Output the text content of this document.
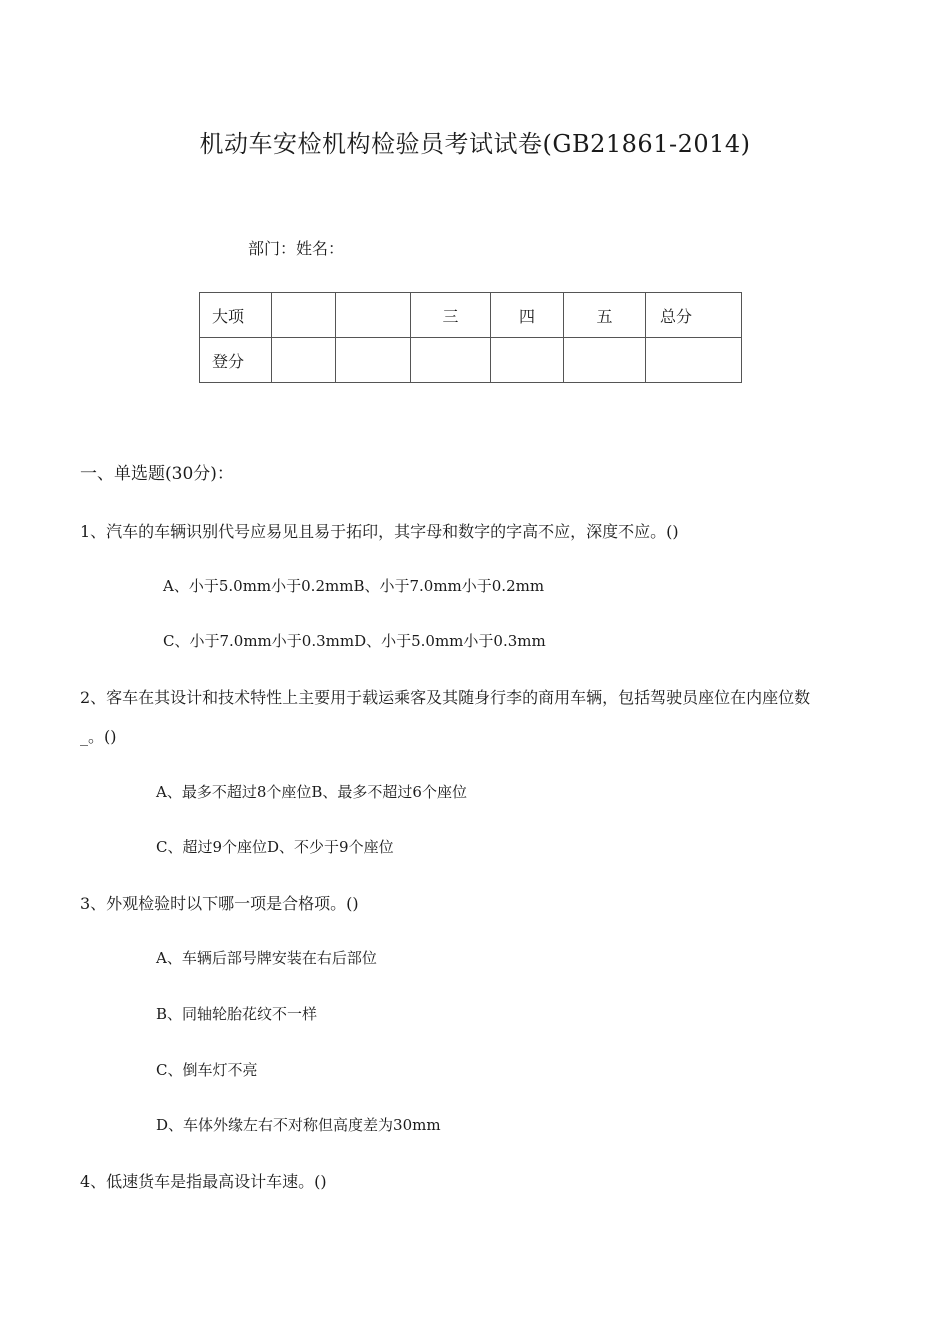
机动车安检机构检验员考试试卷(GB21861-2014)
部门：姓名：
大项			三	四	五	总分
登分						
一、单选题(30分)：
1、汽车的车辆识别代号应易见且易于拓印，其字母和数字的字高不应，深度不应。()
A、小于5.0mm小于0.2mmB、小于7.0mm小于0.2mm
C、小于7.0mm小于0.3mmD、小于5.0mm小于0.3mm
2、客车在其设计和技术特性上主要用于载运乘客及其随身行李的商用车辆，包括驾驶员座位在内座位数
_。()
A、最多不超过8个座位B、最多不超过6个座位
C、超过9个座位D、不少于9个座位
3、外观检验时以下哪一项是合格项。()
A、车辆后部号牌安装在右后部位
B、同轴轮胎花纹不一样
C、倒车灯不亮
D、车体外缘左右不对称但高度差为30mm
4、低速货车是指最高设计车速。()
